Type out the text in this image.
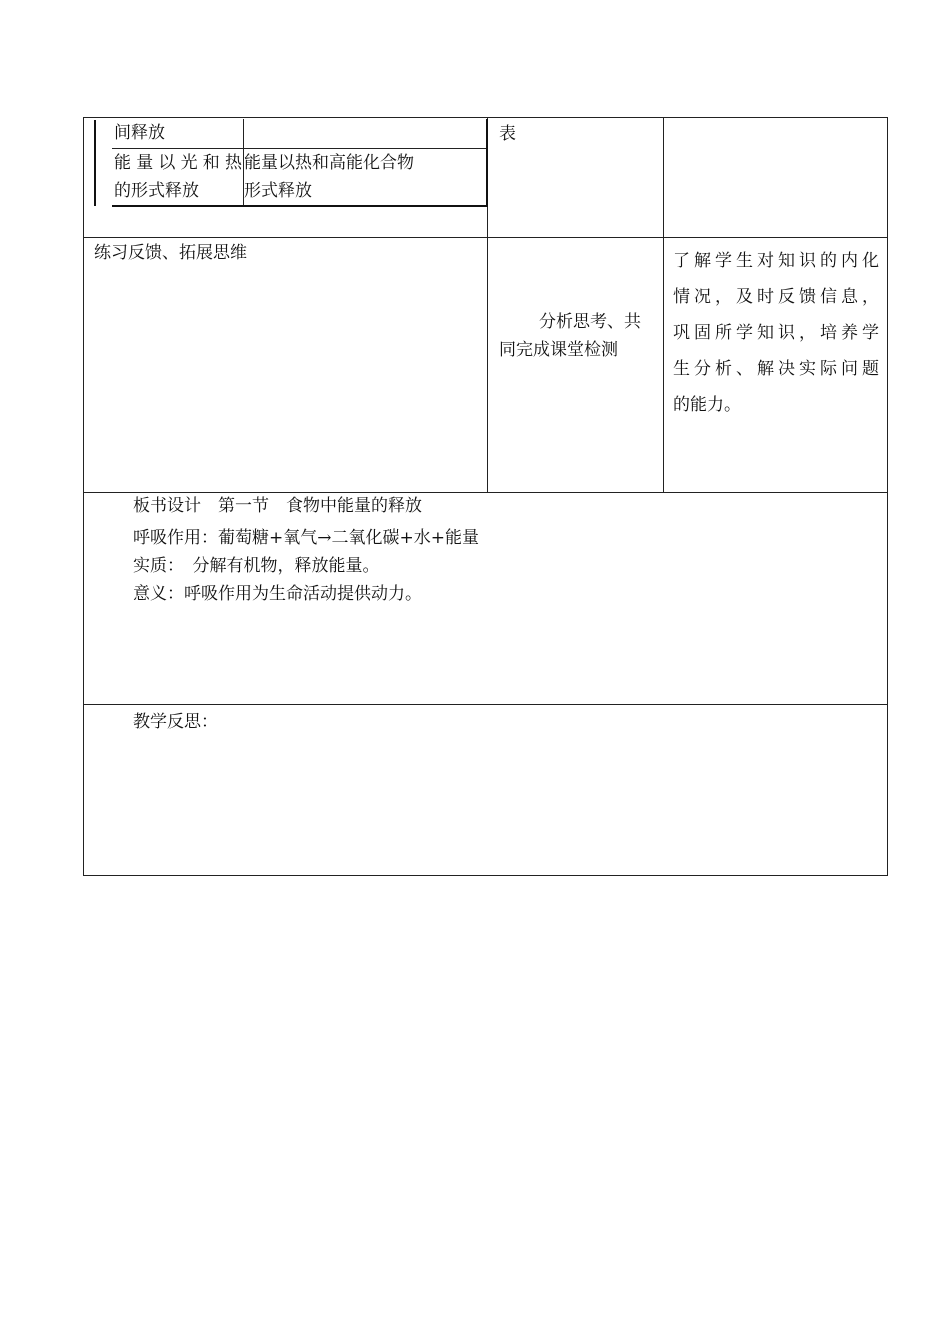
间释放
能量以光和热
的形式释放
能量以热和高能化合物
形式释放
表
练习反馈、拓展思维
分析思考、共
同完成课堂检测
了解学生对知识的内化
情况，及时反馈信息，
巩固所学知识，培养学
生分析、解决实际问题
的能力。
板书设计　第一节　食物中能量的释放
呼吸作用：葡萄糖+氧气→二氧化碳+水+能量
实质：　分解有机物，释放能量。
意义：呼吸作用为生命活动提供动力。
教学反思：
